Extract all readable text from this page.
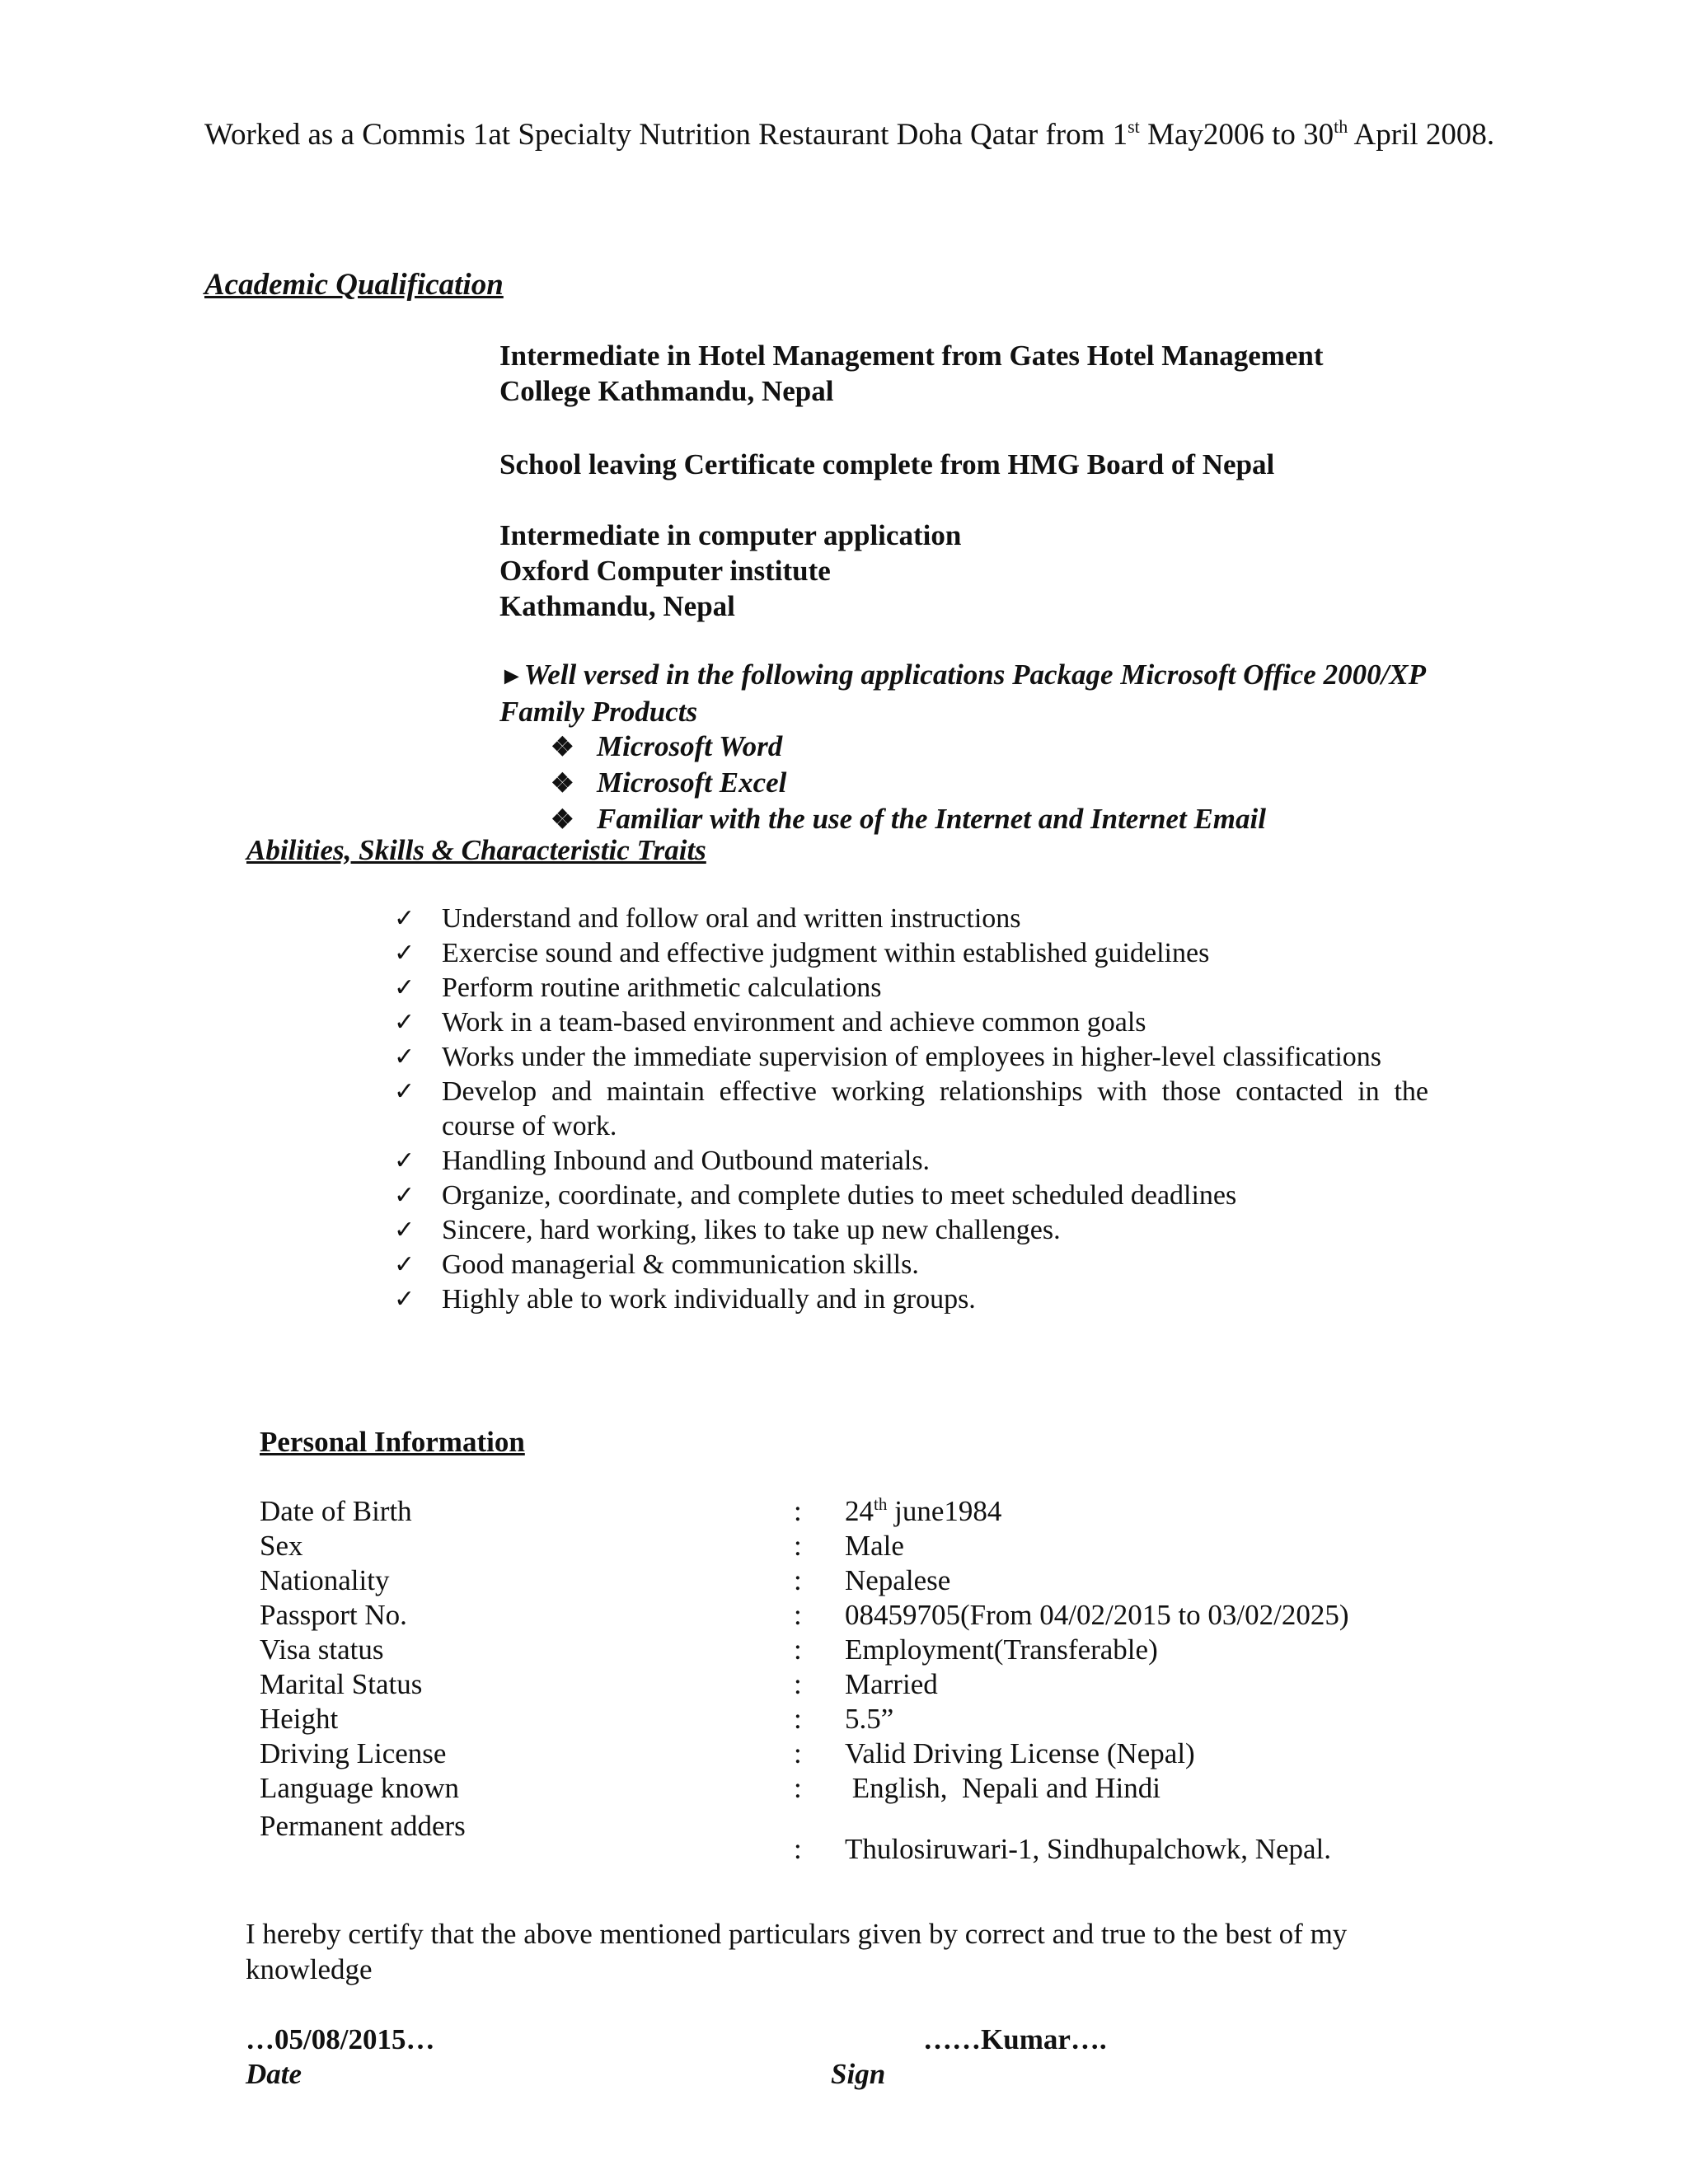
Worked as a Commis 1at Specialty Nutrition Restaurant Doha Qatar from 1st May2006 to 30th April 2008.
Academic Qualification
Intermediate in Hotel Management from Gates Hotel Management
College Kathmandu, Nepal
School leaving Certificate complete from HMG Board of Nepal
Intermediate in computer application
Oxford Computer institute
Kathmandu, Nepal
►Well versed in the following applications Package Microsoft Office 2000/XP
Family Products
❖ Microsoft Word
❖ Microsoft Excel
❖ Familiar with the use of the Internet and Internet Email
Abilities, Skills & Characteristic Traits
✓ Understand and follow oral and written instructions
✓ Exercise sound and effective judgment within established guidelines
✓ Perform routine arithmetic calculations
✓ Work in a team-based environment and achieve common goals
✓ Works under the immediate supervision of employees in higher-level classifications
✓ Develop and maintain effective working relationships with those contacted in the course of work.
✓ Handling Inbound and Outbound materials.
✓ Organize, coordinate, and complete duties to meet scheduled deadlines
✓ Sincere, hard working, likes to take up new challenges.
✓ Good managerial & communication skills.
✓ Highly able to work individually and in groups.
Personal Information
Date of Birth	: 24th june1984
Sex	: Male
Nationality	: Nepalese
Passport No.	: 08459705(From 04/02/2015 to 03/02/2025)
Visa status	: Employment(Transferable)
Marital Status	: Married
Height	: 5.5”
Driving License	: Valid Driving License (Nepal)
Language known	: English,  Nepali and Hindi
Permanent adders
: Thulosiruwari-1, Sindhupalchowk, Nepal.
I hereby certify that the above mentioned particulars given by correct and true to the best of my knowledge
…05/08/2015…
Date
……Kumar….
Sign
